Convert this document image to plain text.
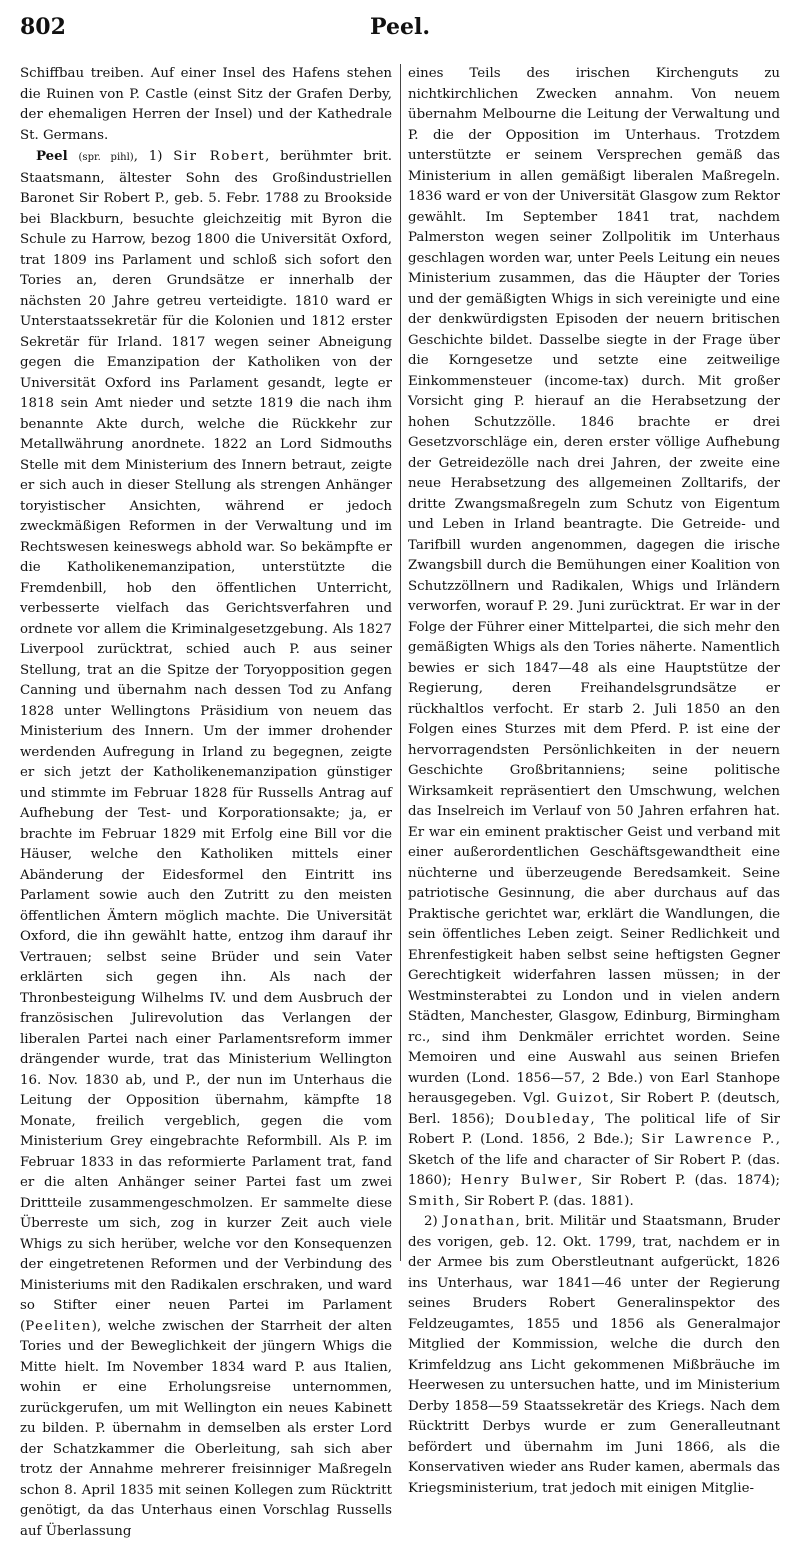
802	Peel.

Schiffbau treiben. Auf einer Insel des Hafens stehen die Ruinen von P. Castle (einst Sitz der Grafen Derby, der ehemaligen Herren der Insel) und der Kathedrale St. Germans.

Peel (spr. pihl), 1) Sir Robert, berühmter brit. Staatsmann, ältester Sohn des Großindustriellen Baronet Sir Robert P., geb. 5. Febr. 1788 zu Brookside bei Blackburn, besuchte gleichzeitig mit Byron die Schule zu Harrow, bezog 1800 die Universität Oxford, trat 1809 ins Parlament und schloß sich sofort den Tories an, deren Grundsätze er innerhalb der nächsten 20 Jahre getreu verteidigte. 1810 ward er Unterstaatssekretär für die Kolonien und 1812 erster Sekretär für Irland. 1817 wegen seiner Abneigung gegen die Emanzipation der Katholiken von der Universität Oxford ins Parlament gesandt, legte er 1818 sein Amt nieder und setzte 1819 die nach ihm benannte Akte durch, welche die Rückkehr zur Metallwährung anordnete. 1822 an Lord Sidmouths Stelle mit dem Ministerium des Innern betraut, zeigte er sich auch in dieser Stellung als strengen Anhänger toryistischer Ansichten, während er jedoch zweckmäßigen Reformen in der Verwaltung und im Rechtswesen keineswegs abhold war. So bekämpfte er die Katholikenemanzipation, unterstützte die Fremdenbill, hob den öffentlichen Unterricht, verbesserte vielfach das Gerichtsverfahren und ordnete vor allem die Kriminalgesetzgebung. Als 1827 Liverpool zurücktrat, schied auch P. aus seiner Stellung, trat an die Spitze der Toryopposition gegen Canning und übernahm nach dessen Tod zu Anfang 1828 unter Wellingtons Präsidium von neuem das Ministerium des Innern. Um der immer drohender werdenden Aufregung in Irland zu begegnen, zeigte er sich jetzt der Katholikenemanzipation günstiger und stimmte im Februar 1828 für Russells Antrag auf Aufhebung der Test- und Korporationsakte; ja, er brachte im Februar 1829 mit Erfolg eine Bill vor die Häuser, welche den Katholiken mittels einer Abänderung der Eidesformel den Eintritt ins Parlament sowie auch den Zutritt zu den meisten öffentlichen Ämtern möglich machte. Die Universität Oxford, die ihn gewählt hatte, entzog ihm darauf ihr Vertrauen; selbst seine Brüder und sein Vater erklärten sich gegen ihn. Als nach der Thronbesteigung Wilhelms IV. und dem Ausbruch der französischen Julirevolution das Verlangen der liberalen Partei nach einer Parlamentsreform immer drängender wurde, trat das Ministerium Wellington 16. Nov. 1830 ab, und P., der nun im Unterhaus die Leitung der Opposition übernahm, kämpfte 18 Monate, freilich vergeblich, gegen die vom Ministerium Grey eingebrachte Reformbill. Als P. im Februar 1833 in das reformierte Parlament trat, fand er die alten Anhänger seiner Partei fast um zwei Drittteile zusammengeschmolzen. Er sammelte diese Überreste um sich, zog in kurzer Zeit auch viele Whigs zu sich herüber, welche vor den Konsequenzen der eingetretenen Reformen und der Verbindung des Ministeriums mit den Radikalen erschraken, und ward so Stifter einer neuen Partei im Parlament (Peeliten), welche zwischen der Starrheit der alten Tories und der Beweglichkeit der jüngern Whigs die Mitte hielt. Im November 1834 ward P. aus Italien, wohin er eine Erholungsreise unternommen, zurückgerufen, um mit Wellington ein neues Kabinett zu bilden. P. übernahm in demselben als erster Lord der Schatzkammer die Oberleitung, sah sich aber trotz der Annahme mehrerer freisinniger Maßregeln schon 8. April 1835 mit seinen Kollegen zum Rücktritt genötigt, da das Unterhaus einen Vorschlag Russells auf Überlassung

eines Teils des irischen Kirchenguts zu nichtkirchlichen Zwecken annahm. Von neuem übernahm Melbourne die Leitung der Verwaltung und P. die der Opposition im Unterhaus. Trotzdem unterstützte er seinem Versprechen gemäß das Ministerium in allen gemäßigt liberalen Maßregeln. 1836 ward er von der Universität Glasgow zum Rektor gewählt. Im September 1841 trat, nachdem Palmerston wegen seiner Zollpolitik im Unterhaus geschlagen worden war, unter Peels Leitung ein neues Ministerium zusammen, das die Häupter der Tories und der gemäßigten Whigs in sich vereinigte und eine der denkwürdigsten Episoden der neuern britischen Geschichte bildet. Dasselbe siegte in der Frage über die Korngesetze und setzte eine zeitweilige Einkommensteuer (income-tax) durch. Mit großer Vorsicht ging P. hierauf an die Herabsetzung der hohen Schutzzölle. 1846 brachte er drei Gesetzvorschläge ein, deren erster völlige Aufhebung der Getreidezölle nach drei Jahren, der zweite eine neue Herabsetzung des allgemeinen Zolltarifs, der dritte Zwangsmaßregeln zum Schutz von Eigentum und Leben in Irland beantragte. Die Getreide- und Tarifbill wurden angenommen, dagegen die irische Zwangsbill durch die Bemühungen einer Koalition von Schutzzöllnern und Radikalen, Whigs und Irländern verworfen, worauf P. 29. Juni zurücktrat. Er war in der Folge der Führer einer Mittelpartei, die sich mehr den gemäßigten Whigs als den Tories näherte. Namentlich bewies er sich 1847—48 als eine Hauptstütze der Regierung, deren Freihandelsgrundsätze er rückhaltlos verfocht. Er starb 2. Juli 1850 an den Folgen eines Sturzes mit dem Pferd. P. ist eine der hervorragendsten Persönlichkeiten in der neuern Geschichte Großbritanniens; seine politische Wirksamkeit repräsentiert den Umschwung, welchen das Inselreich im Verlauf von 50 Jahren erfahren hat. Er war ein eminent praktischer Geist und verband mit einer außerordentlichen Geschäftsgewandtheit eine nüchterne und überzeugende Beredsamkeit. Seine patriotische Gesinnung, die aber durchaus auf das Praktische gerichtet war, erklärt die Wandlungen, die sein öffentliches Leben zeigt. Seiner Redlichkeit und Ehrenfestigkeit haben selbst seine heftigsten Gegner Gerechtigkeit widerfahren lassen müssen; in der Westminsterabtei zu London und in vielen andern Städten, Manchester, Glasgow, Edinburg, Birmingham rc., sind ihm Denkmäler errichtet worden. Seine Memoiren und eine Auswahl aus seinen Briefen wurden (Lond. 1856—57, 2 Bde.) von Earl Stanhope herausgegeben. Vgl. Guizot, Sir Robert P. (deutsch, Berl. 1856); Doubleday, The political life of Sir Robert P. (Lond. 1856, 2 Bde.); Sir Lawrence P., Sketch of the life and character of Sir Robert P. (das. 1860); Henry Bulwer, Sir Robert P. (das. 1874); Smith, Sir Robert P. (das. 1881).

2) Jonathan, brit. Militär und Staatsmann, Bruder des vorigen, geb. 12. Okt. 1799, trat, nachdem er in der Armee bis zum Oberstleutnant aufgerückt, 1826 ins Unterhaus, war 1841—46 unter der Regierung seines Bruders Robert Generalinspektor des Feldzeugamtes, 1855 und 1856 als Generalmajor Mitglied der Kommission, welche die durch den Krimfeldzug ans Licht gekommenen Mißbräuche im Heerwesen zu untersuchen hatte, und im Ministerium Derby 1858—59 Staatssekretär des Kriegs. Nach dem Rücktritt Derbys wurde er zum Generalleutnant befördert und übernahm im Juni 1866, als die Konservativen wieder ans Ruder kamen, abermals das Kriegsministerium, trat jedoch mit einigen Mitglie-
